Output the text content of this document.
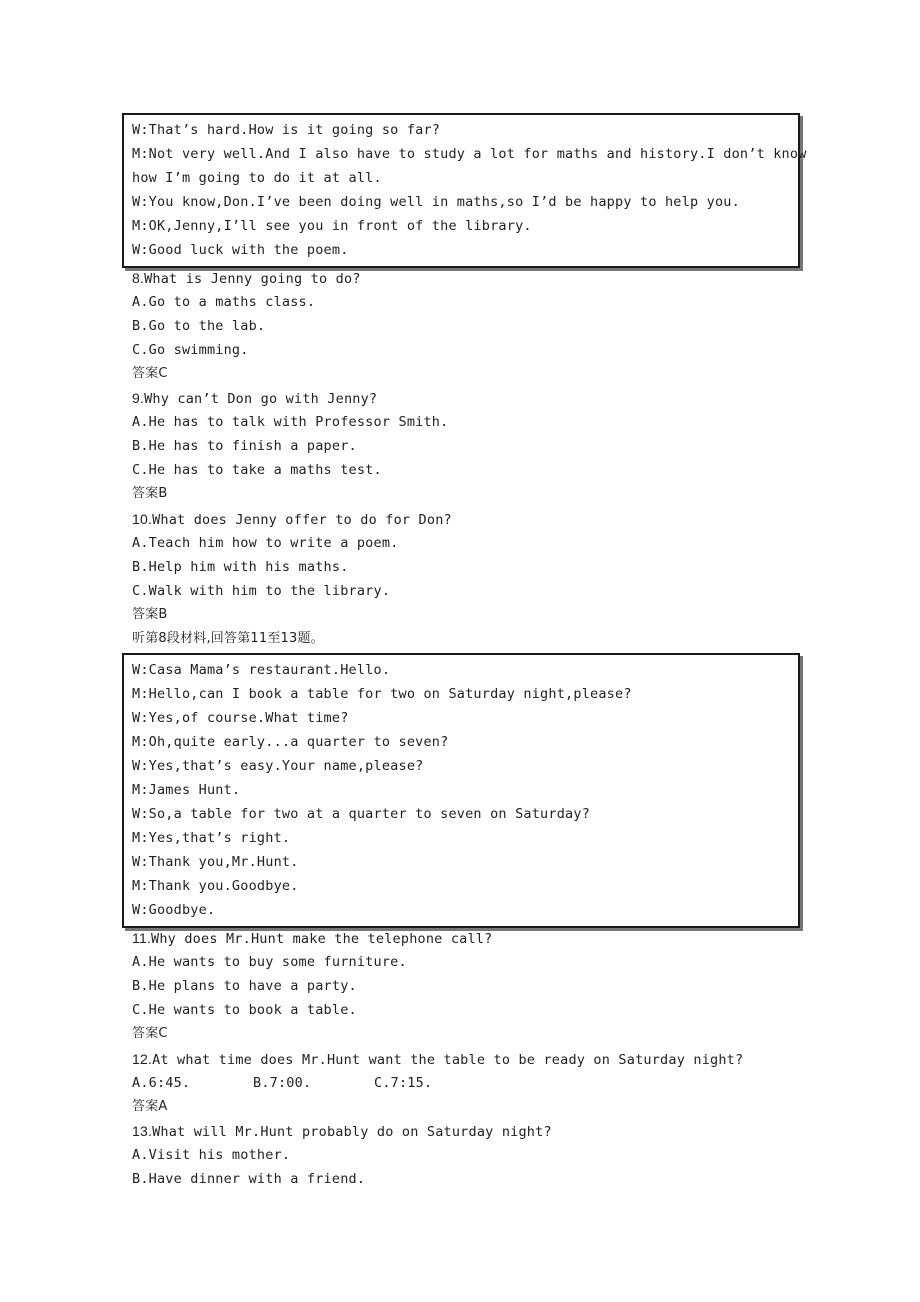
W:That’s hard.How is it going so far?
M:Not very well.And I also have to study a lot for maths and history.I don’t know
how I’m going to do it at all.
W:You know,Don.I’ve been doing well in maths,so I’d be happy to help you.
M:OK,Jenny,I’ll see you in front of the library.
W:Good luck with the poem.
8.What is Jenny going to do?
A.Go to a maths class.
B.Go to the lab.
C.Go swimming.
答案C
9.Why can’t Don go with Jenny?
A.He has to talk with Professor Smith.
B.He has to finish a paper.
C.He has to take a maths test.
答案B
10.What does Jenny offer to do for Don?
A.Teach him how to write a poem.
B.Help him with his maths.
C.Walk with him to the library.
答案B
听第8段材料,回答第11至13题。
W:Casa Mama’s restaurant.Hello.
M:Hello,can I book a table for two on Saturday night,please?
W:Yes,of course.What time?
M:Oh,quite early...a quarter to seven?
W:Yes,that’s easy.Your name,please?
M:James Hunt.
W:So,a table for two at a quarter to seven on Saturday?
M:Yes,that’s right.
W:Thank you,Mr.Hunt.
M:Thank you.Goodbye.
W:Goodbye.
11.Why does Mr.Hunt make the telephone call?
A.He wants to buy some furniture.
B.He plans to have a party.
C.He wants to book a table.
答案C
12.At what time does Mr.Hunt want the table to be ready on Saturday night?
A.6:45.	B.7:00.	C.7:15.
答案A
13.What will Mr.Hunt probably do on Saturday night?
A.Visit his mother.
B.Have dinner with a friend.
